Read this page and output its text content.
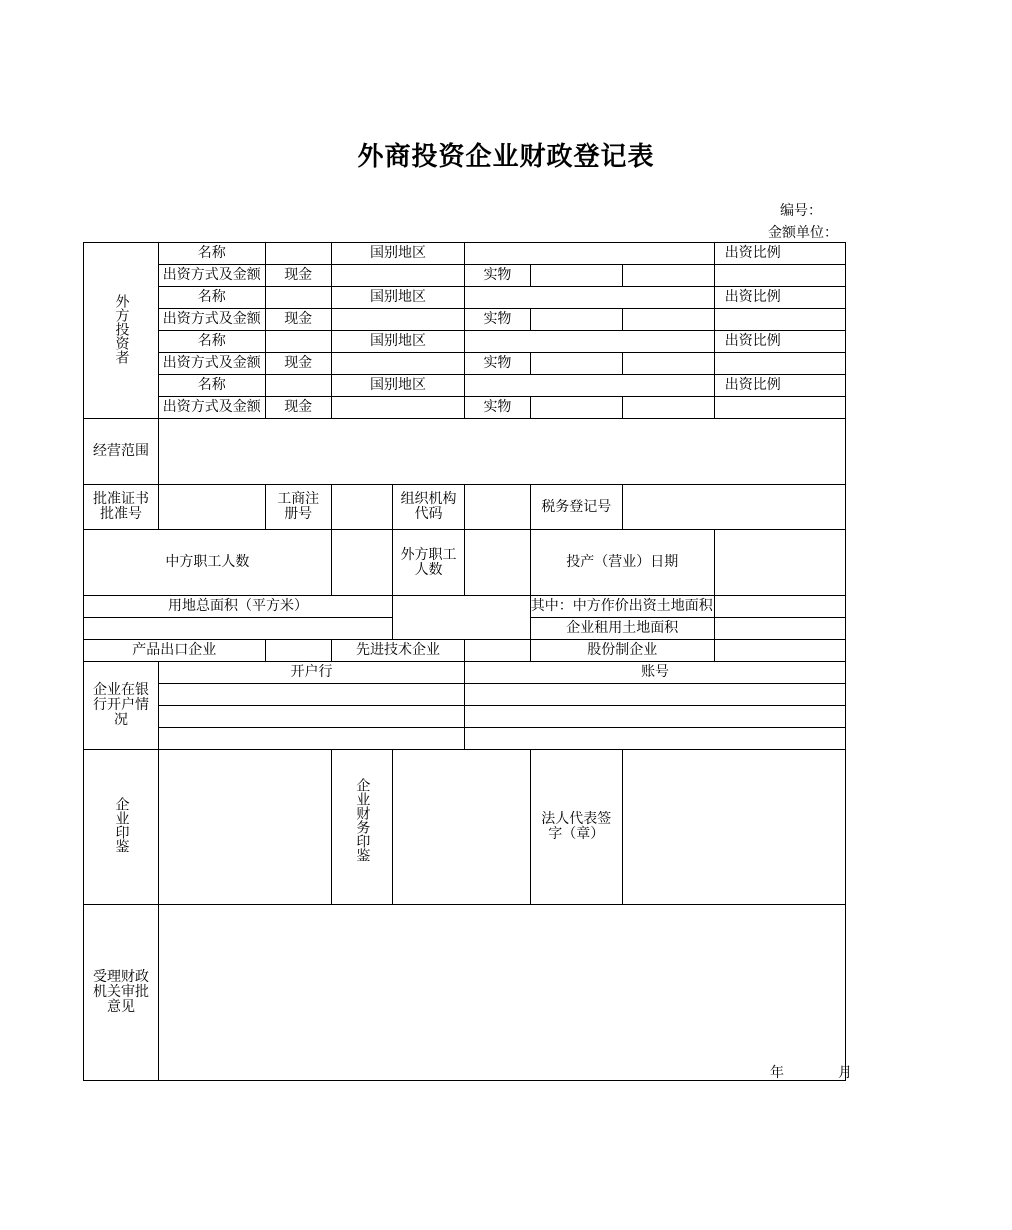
外商投资企业财政登记表
编号：
金额单位：
外方投资者	名称		国别地区					出资比例
	出资方式及金额	现金			实物			
	名称		国别地区					出资比例
	出资方式及金额	现金			实物			
	名称		国别地区					出资比例
	出资方式及金额	现金			实物			
	名称		国别地区					出资比例
	出资方式及金额	现金			实物			
经营范围								
批准证书批准号		工商注册号		组织机构代码		税务登记号		
中方职工人数				外方职工人数		投产（营业）日期		
用地总面积（平方米）						其中：中方作价出资土地面积		
						企业租用土地面积		
产品出口企业			先进技术企业			股份制企业		
企业在银行开户情况	开户行				账号			

企业印鉴			企业财务印鉴			法人代表签字（章）		
受理财政机关审批意见								
年	月
